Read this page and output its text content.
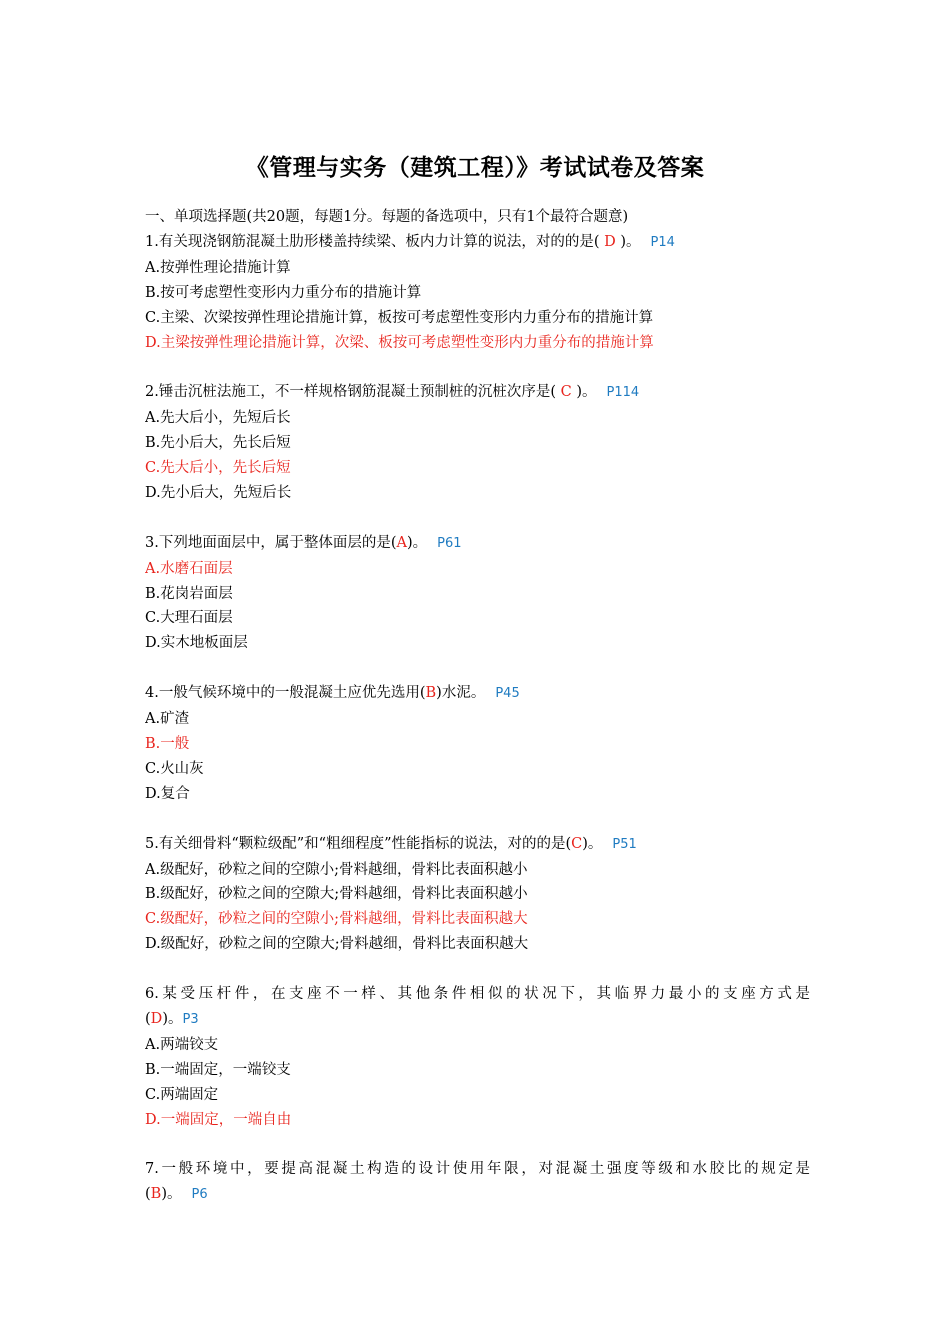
《管理与实务（建筑工程）》考试试卷及答案
一、单项选择题(共20题，每题1分。每题的备选项中，只有1个最符合题意)
1.有关现浇钢筋混凝土肋形楼盖持续梁、板内力计算的说法，对的的是( D )。 P14
A.按弹性理论措施计算
B.按可考虑塑性变形内力重分布的措施计算
C.主梁、次梁按弹性理论措施计算，板按可考虑塑性变形内力重分布的措施计算
D.主梁按弹性理论措施计算，次梁、板按可考虑塑性变形内力重分布的措施计算
2.锤击沉桩法施工，不一样规格钢筋混凝土预制桩的沉桩次序是( C )。 P114
A.先大后小，先短后长
B.先小后大，先长后短
C.先大后小，先长后短
D.先小后大，先短后长
3.下列地面面层中，属于整体面层的是(A)。 P61
A.水磨石面层
B.花岗岩面层
C.大理石面层
D.实木地板面层
4.一般气候环境中的一般混凝土应优先选用(B)水泥。 P45
A.矿渣
B.一般
C.火山灰
D.复合
5.有关细骨料“颗粒级配”和“粗细程度”性能指标的说法，对的的是(C)。 P51
A.级配好，砂粒之间的空隙小;骨料越细，骨料比表面积越小
B.级配好，砂粒之间的空隙大;骨料越细，骨料比表面积越小
C.级配好，砂粒之间的空隙小;骨料越细，骨料比表面积越大
D.级配好，砂粒之间的空隙大;骨料越细，骨料比表面积越大
6.某受压杆件，在支座不一样、其他条件相似的状况下，其临界力最小的支座方式是
(D)。P3
A.两端铰支
B.一端固定，一端铰支
C.两端固定
D.一端固定，一端自由
7.一般环境中，要提高混凝土构造的设计使用年限，对混凝土强度等级和水胶比的规定是
(B)。 P6
